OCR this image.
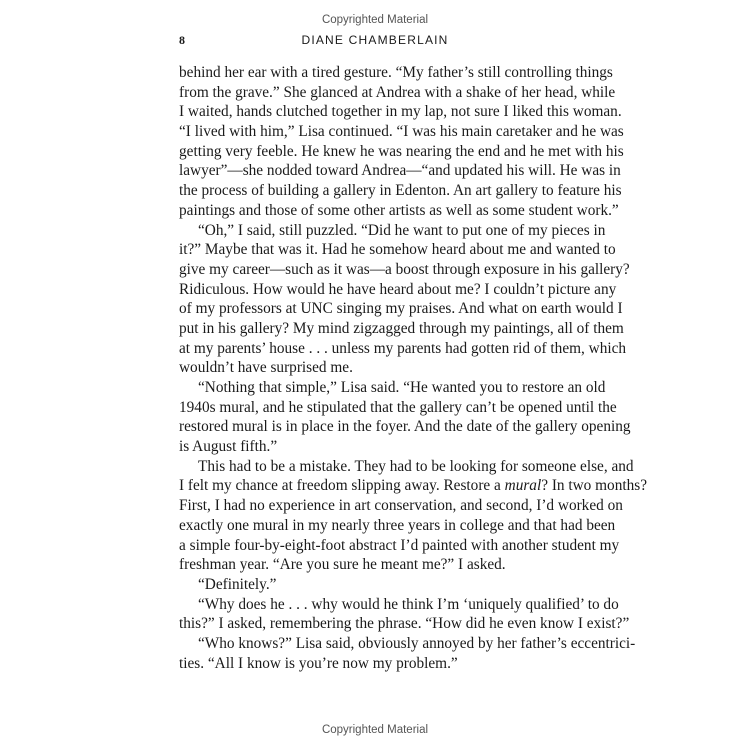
Copyrighted Material
8	DIANE CHAMBERLAIN
behind her ear with a tired gesture. “My father’s still controlling things
from the grave.” She glanced at Andrea with a shake of her head, while
I waited, hands clutched together in my lap, not sure I liked this woman.
“I lived with him,” Lisa continued. “I was his main caretaker and he was
getting very feeble. He knew he was nearing the end and he met with his
lawyer”—she nodded toward Andrea—“and updated his will. He was in
the process of building a gallery in Edenton. An art gallery to feature his
paintings and those of some other artists as well as some student work.”
“Oh,” I said, still puzzled. “Did he want to put one of my pieces in
it?” Maybe that was it. Had he somehow heard about me and wanted to
give my career—such as it was—a boost through exposure in his gallery?
Ridiculous. How would he have heard about me? I couldn’t picture any
of my professors at UNC singing my praises. And what on earth would I
put in his gallery? My mind zigzagged through my paintings, all of them
at my parents’ house . . . unless my parents had gotten rid of them, which
wouldn’t have surprised me.
“Nothing that simple,” Lisa said. “He wanted you to restore an old
1940s mural, and he stipulated that the gallery can’t be opened until the
restored mural is in place in the foyer. And the date of the gallery opening
is August fifth.”
This had to be a mistake. They had to be looking for someone else, and
I felt my chance at freedom slipping away. Restore a mural? In two months?
First, I had no experience in art conservation, and second, I’d worked on
exactly one mural in my nearly three years in college and that had been
a simple four-by-eight-foot abstract I’d painted with another student my
freshman year. “Are you sure he meant me?” I asked.
“Definitely.”
“Why does he . . . why would he think I’m ‘uniquely qualified’ to do
this?” I asked, remembering the phrase. “How did he even know I exist?”
“Who knows?” Lisa said, obviously annoyed by her father’s eccentrici-
ties. “All I know is you’re now my problem.”
Copyrighted Material
